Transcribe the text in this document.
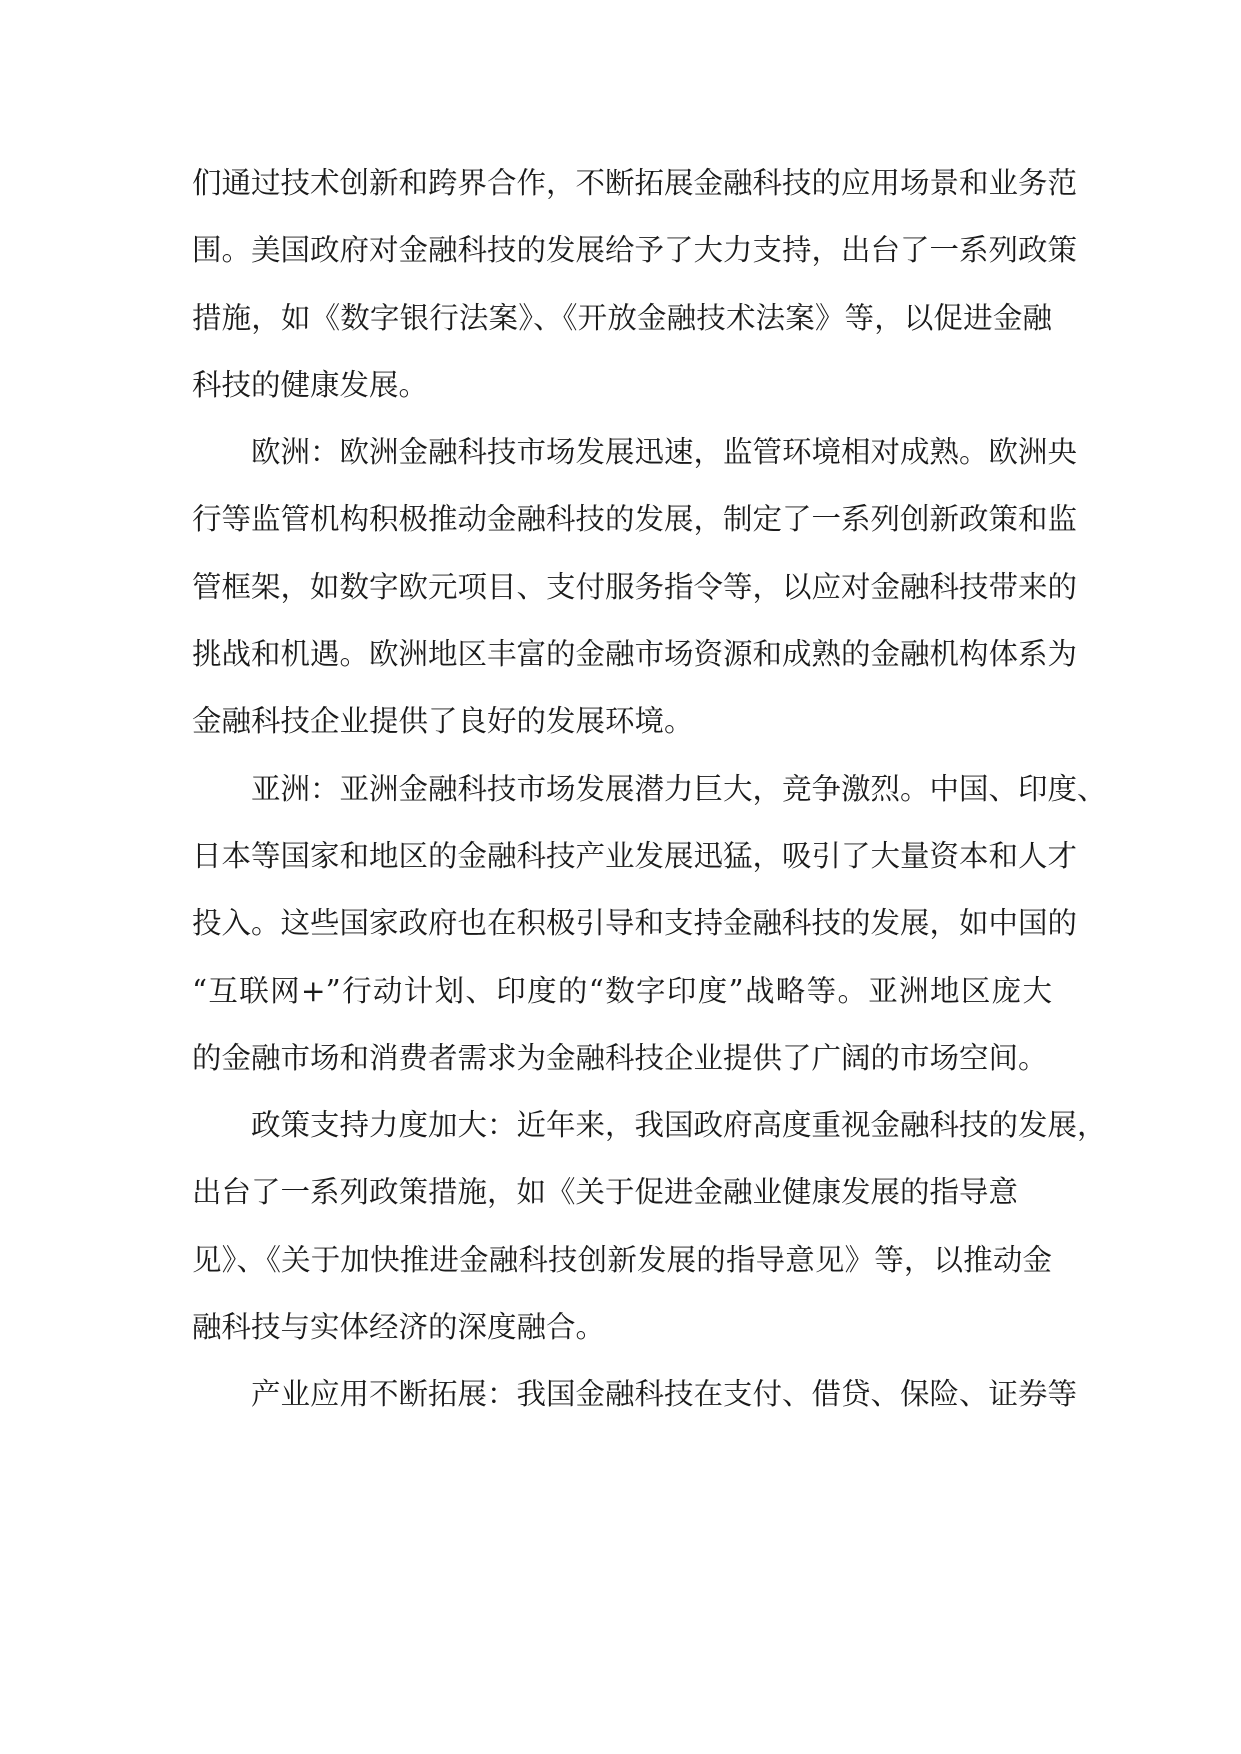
们通过技术创新和跨界合作，不断拓展金融科技的应用场景和业务范
围。美国政府对金融科技的发展给予了大力支持，出台了一系列政策
措施，如《数字银行法案》、《开放金融技术法案》等，以促进金融
科技的健康发展。
欧洲：欧洲金融科技市场发展迅速，监管环境相对成熟。欧洲央
行等监管机构积极推动金融科技的发展，制定了一系列创新政策和监
管框架，如数字欧元项目、支付服务指令等，以应对金融科技带来的
挑战和机遇。欧洲地区丰富的金融市场资源和成熟的金融机构体系为
金融科技企业提供了良好的发展环境。
亚洲：亚洲金融科技市场发展潜力巨大，竞争激烈。中国、印度、
日本等国家和地区的金融科技产业发展迅猛，吸引了大量资本和人才
投入。这些国家政府也在积极引导和支持金融科技的发展，如中国的
“互联网+”行动计划、印度的“数字印度”战略等。亚洲地区庞大
的金融市场和消费者需求为金融科技企业提供了广阔的市场空间。
政策支持力度加大：近年来，我国政府高度重视金融科技的发展，
出台了一系列政策措施，如《关于促进金融业健康发展的指导意
见》、《关于加快推进金融科技创新发展的指导意见》等，以推动金
融科技与实体经济的深度融合。
产业应用不断拓展：我国金融科技在支付、借贷、保险、证券等
